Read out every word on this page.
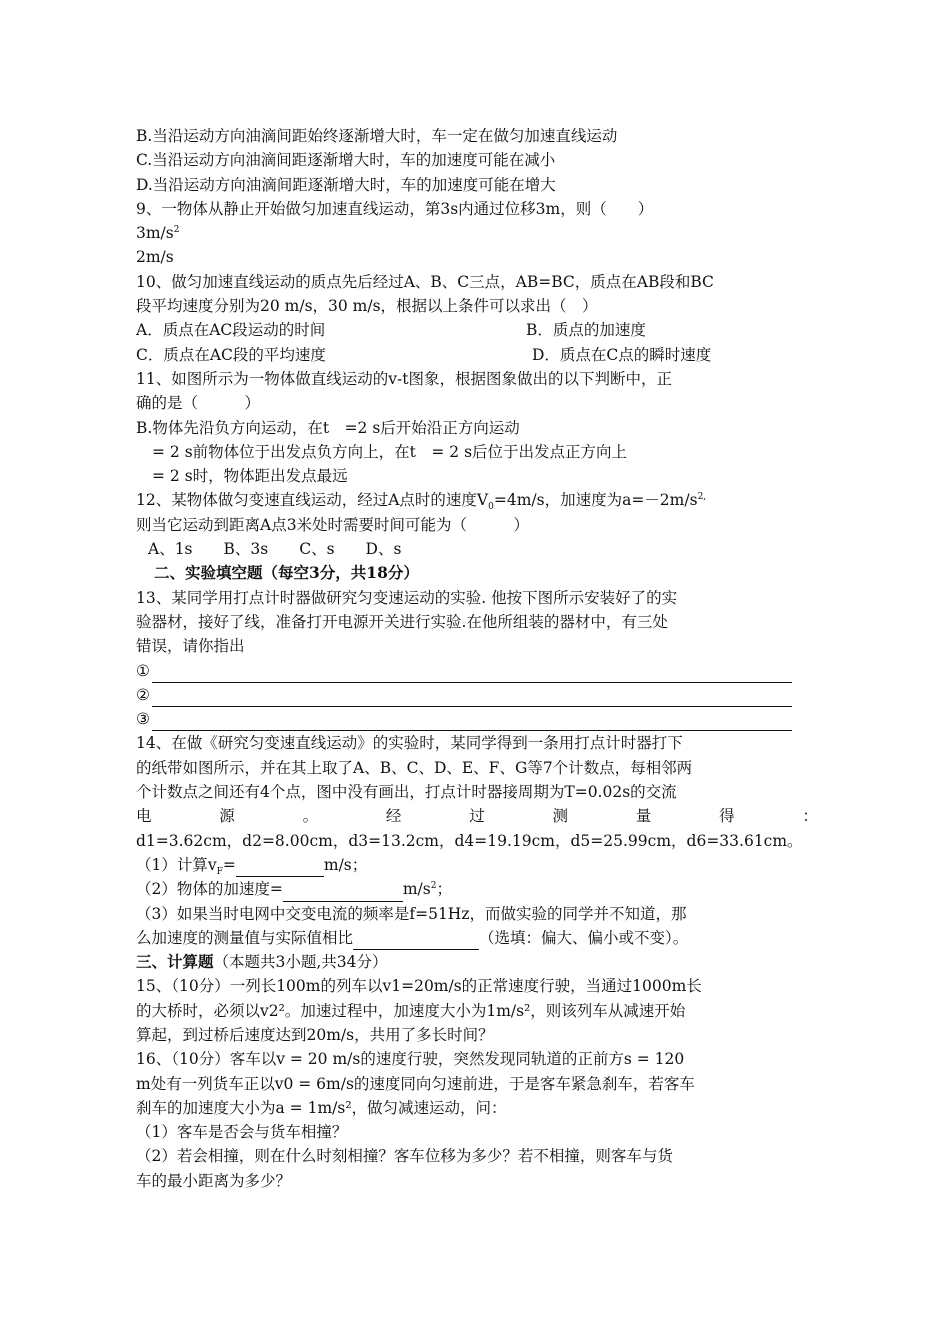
B.当沿运动方向油滴间距始终逐渐增大时，车一定在做匀加速直线运动
C.当沿运动方向油滴间距逐渐增大时，车的加速度可能在减小
D.当沿运动方向油滴间距逐渐增大时，车的加速度可能在增大
9、一物体从静止开始做匀加速直线运动，第3s内通过位移3m，则（　　）
$3m/s^2$
2m/s
10、做匀加速直线运动的质点先后经过A、B、C三点，AB=BC，质点在AB段和BC
段平均速度分别为20 m/s，30 m/s，根据以上条件可以求出（　）
A．质点在AC段运动的时间	B．质点的加速度
C．质点在AC段的平均速度	D．质点在C点的瞬时速度
11、如图所示为一物体做直线运动的v-t图象，根据图象做出的以下判断中，正
确的是（　　　）
B.物体先沿负方向运动，在t　=2 s后开始沿正方向运动
= 2 s前物体位于出发点负方向上，在t　= 2 s后位于出发点正方向上
= 2 s时，物体距出发点最远
12、某物体做匀变速直线运动，经过A点时的速度$V_0=4m/s$，加速度为$a=-2m/s^{2,}$
则当它运动到距离A点3米处时需要时间可能为（　　　）
A、1s　　B、3s　　C、s　　D、s
二、实验填空题（每空3分，共18分）
13、某同学用打点计时器做研究匀变速运动的实验. 他按下图所示安装好了的实
验器材，接好了线，准备打开电源开关进行实验.在他所组装的器材中，有三处
错误，请你指出
①
②
③
14、在做《研究匀变速直线运动》的实验时，某同学得到一条用打点计时器打下
的纸带如图所示，并在其上取了A、B、C、D、E、F、G等7个计数点，每相邻两
个计数点之间还有4个点，图中没有画出，打点计时器接周期为T=0.02s的交流
电	源	。	经	过	测	量	得	：
d1=3.62cm，d2=8.00cm，d3=13.2cm，d4=19.19cm，d5=25.99cm，d6=33.61cm。
（1）计算$v_F=$	m/s；
（2）物体的加速度=	$m/s^2$；
（3）如果当时电网中交变电流的频率是f=51Hz，而做实验的同学并不知道，那
么加速度的测量值与实际值相比	（选填：偏大、偏小或不变）。
三、计算题（本题共3小题,共34分）
15、（10分）一列长100m的列车以v1=20m/s的正常速度行驶，当通过1000m长
的大桥时，必须以v2²。加速过程中，加速度大小为1m/s²，则该列车从减速开始
算起，到过桥后速度达到20m/s，共用了多长时间？
16、（10分）客车以v = 20 m/s的速度行驶，突然发现同轨道的正前方s = 120
m处有一列货车正以v0 = 6m/s的速度同向匀速前进，于是客车紧急刹车，若客车
刹车的加速度大小为a = 1m/s²，做匀减速运动，问：
（1）客车是否会与货车相撞？
（2）若会相撞，则在什么时刻相撞？客车位移为多少？若不相撞，则客车与货
车的最小距离为多少？
